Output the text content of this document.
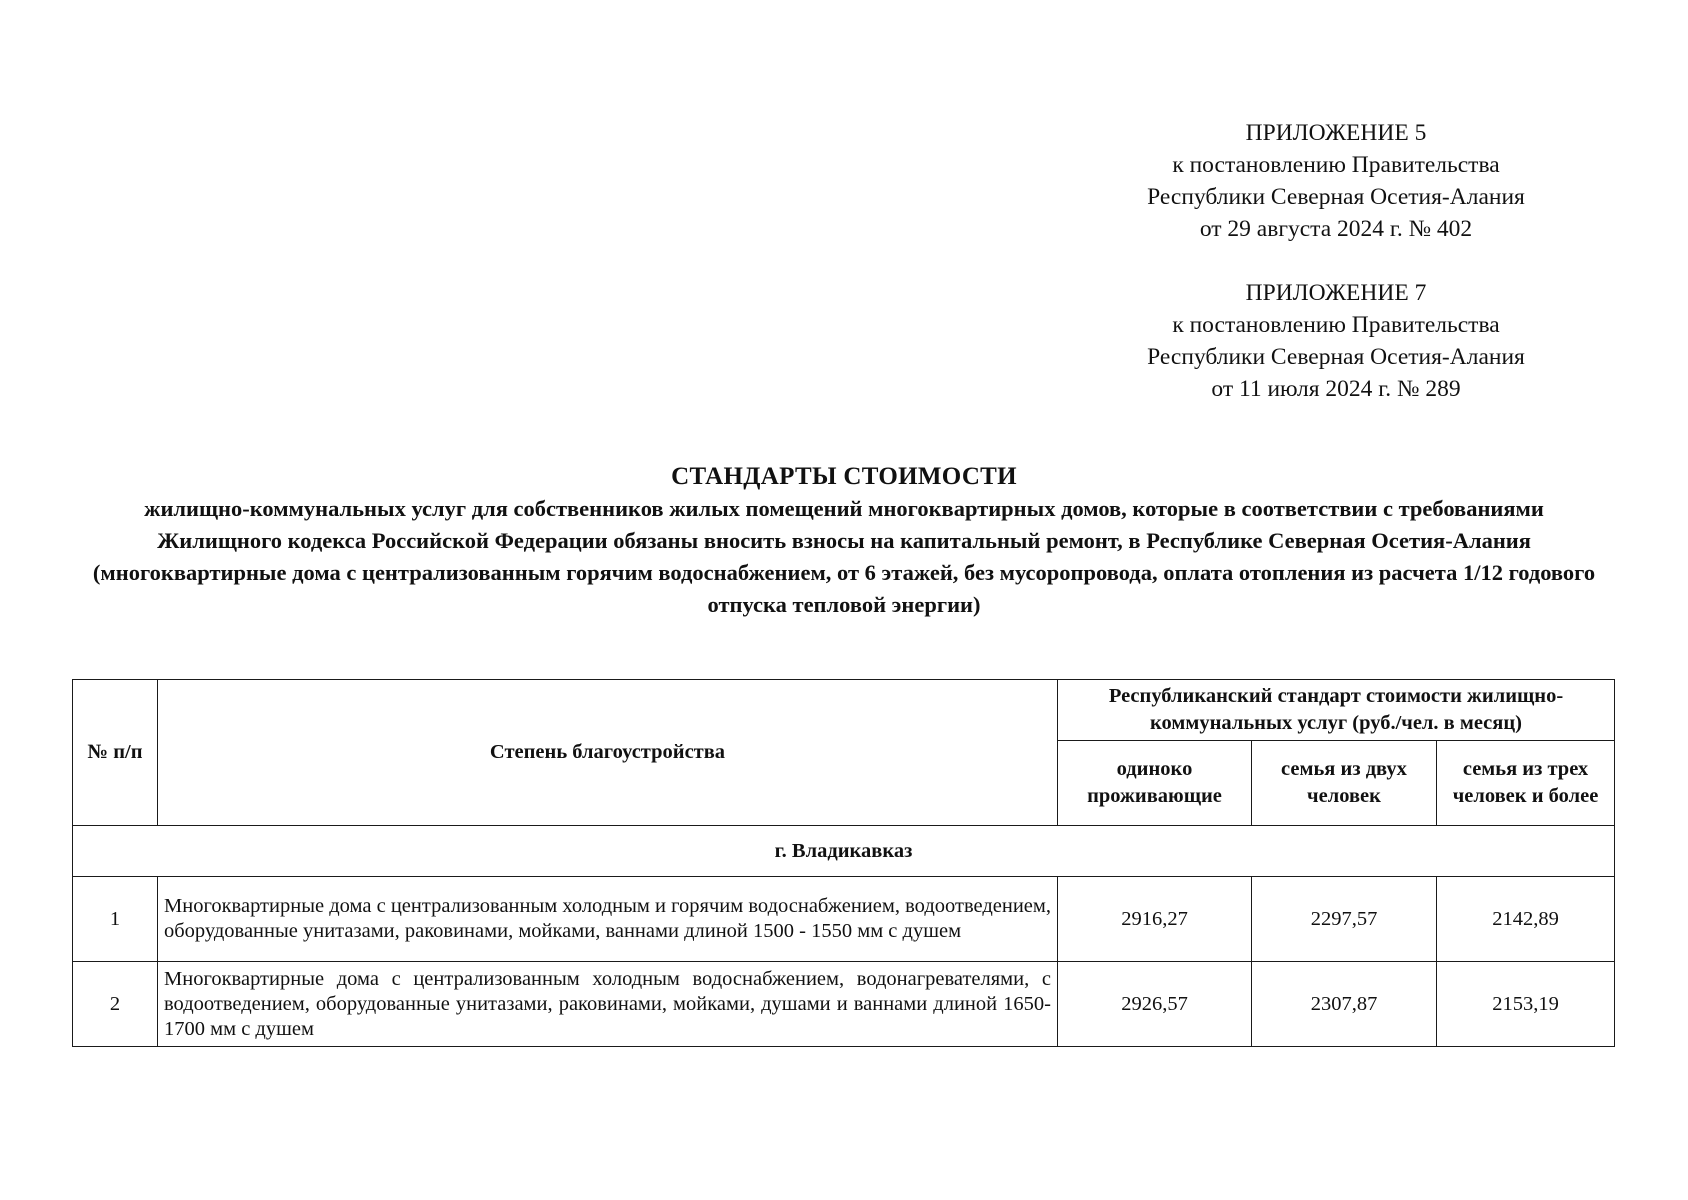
ПРИЛОЖЕНИЕ 5
к постановлению Правительства
Республики Северная Осетия-Алания
от 29 августа 2024 г. № 402
ПРИЛОЖЕНИЕ 7
к постановлению Правительства
Республики Северная Осетия-Алания
от 11 июля 2024 г. № 289
СТАНДАРТЫ СТОИМОСТИ
жилищно-коммунальных услуг для собственников жилых помещений многоквартирных домов, которые в соответствии с требованиями Жилищного кодекса Российской Федерации обязаны вносить взносы на капитальный ремонт, в Республике Северная Осетия-Алания
(многоквартирные дома с централизованным горячим водоснабжением, от 6 этажей, без мусоропровода, оплата отопления из расчета 1/12 годового отпуска тепловой энергии)
№ п/п	Степень благоустройства	Республиканский стандарт стоимости жилищно-коммунальных услуг (руб./чел. в месяц)		
		одиноко проживающие	семья из двух человек	семья из трех человек и более
г. Владикавказ				
1	Многоквартирные дома с централизованным холодным и горячим водоснабжением, водоотведением, оборудованные унитазами, раковинами, мойками, ваннами длиной 1500 - 1550 мм с душем	2916,27	2297,57	2142,89
2	Многоквартирные дома с централизованным холодным водоснабжением, водонагревателями, с водоотведением, оборудованные унитазами, раковинами, мойками, душами и ваннами длиной 1650-1700 мм с душем	2926,57	2307,87	2153,19
